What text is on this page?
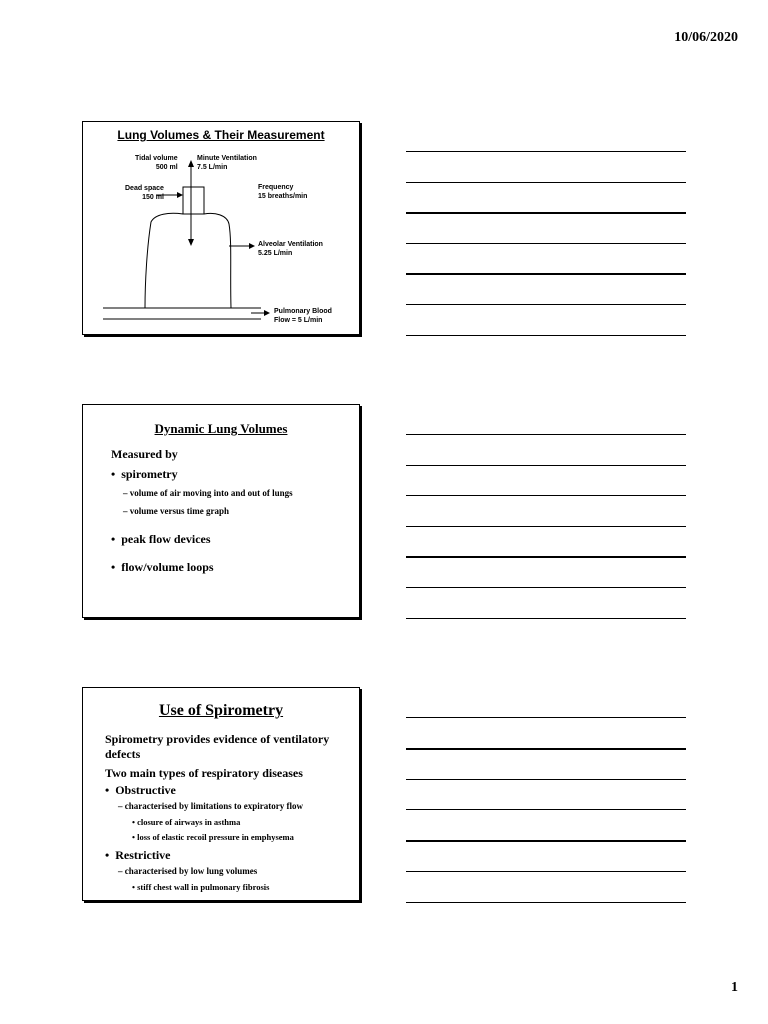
10/06/2020
Lung Volumes & Their Measurement
Tidal volume
500 ml
Minute Ventilation
7.5 L/min
Dead space
150 ml
Frequency
15 breaths/min
Alveolar Ventilation
5.25 L/min
Pulmonary Blood
Flow = 5 L/min
Dynamic Lung Volumes
Measured by
•  spirometry
– volume of air moving into and out of lungs
– volume versus time graph
•  peak flow devices
•  flow/volume loops
Use of Spirometry
Spirometry provides evidence of ventilatory
defects
Two main types of respiratory diseases
•  Obstructive
– characterised by limitations to expiratory flow
• closure of airways in asthma
• loss of elastic recoil pressure in emphysema
•  Restrictive
– characterised by low lung volumes
• stiff chest wall in pulmonary fibrosis
1
